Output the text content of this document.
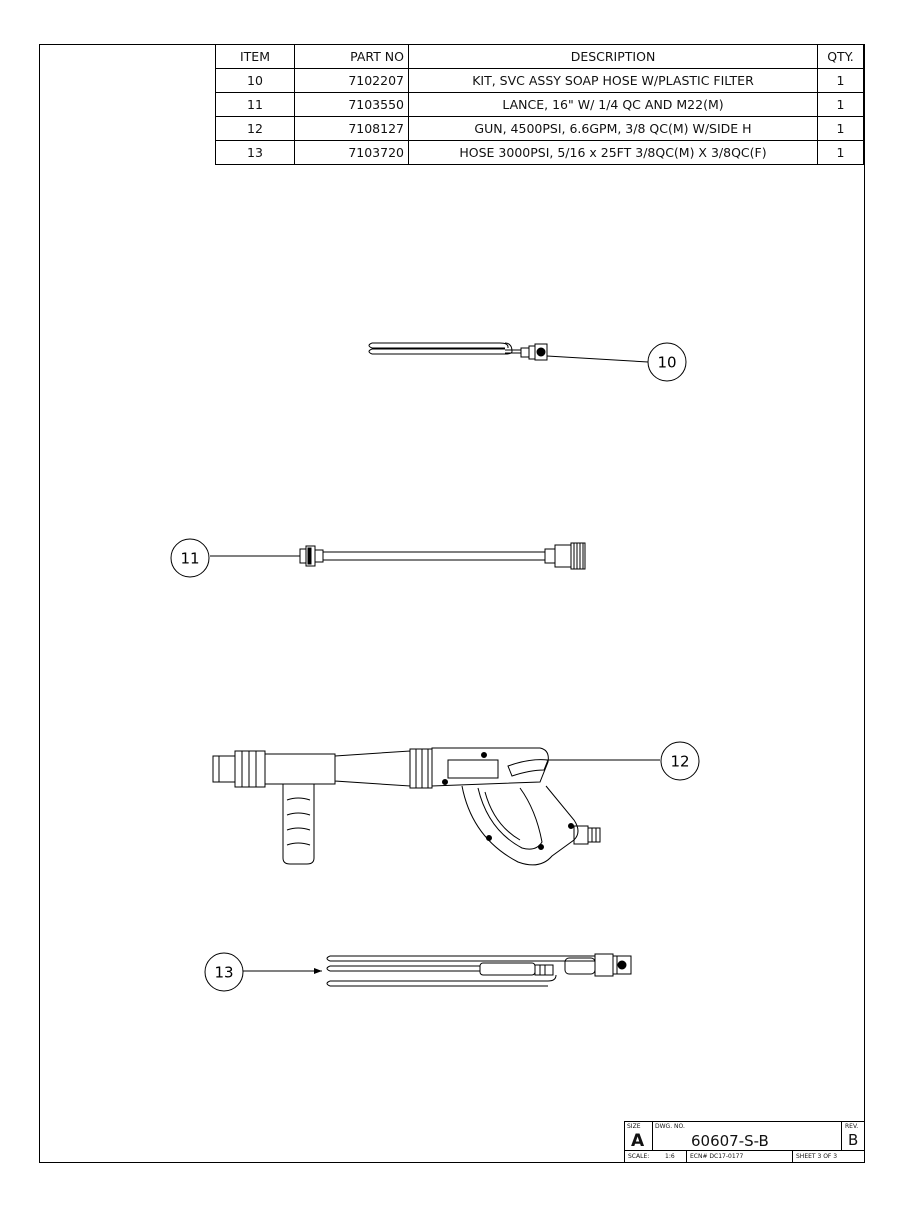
ITEM	PART NO	DESCRIPTION	QTY.
10	7102207	KIT, SVC ASSY SOAP HOSE W/PLASTIC FILTER	1
11	7103550	LANCE, 16" W/ 1/4 QC AND M22(M)	1
12	7108127	GUN, 4500PSI, 6.6GPM, 3/8 QC(M) W/SIDE H	1
13	7103720	HOSE 3000PSI, 5/16 x 25FT 3/8QC(M) X 3/8QC(F)	1
10
11
12
13
SIZE
A
DWG. NO.
60607-S-B
REV.
B
SCALE:	1:6	ECN# DC17-0177	SHEET 3 OF 3
